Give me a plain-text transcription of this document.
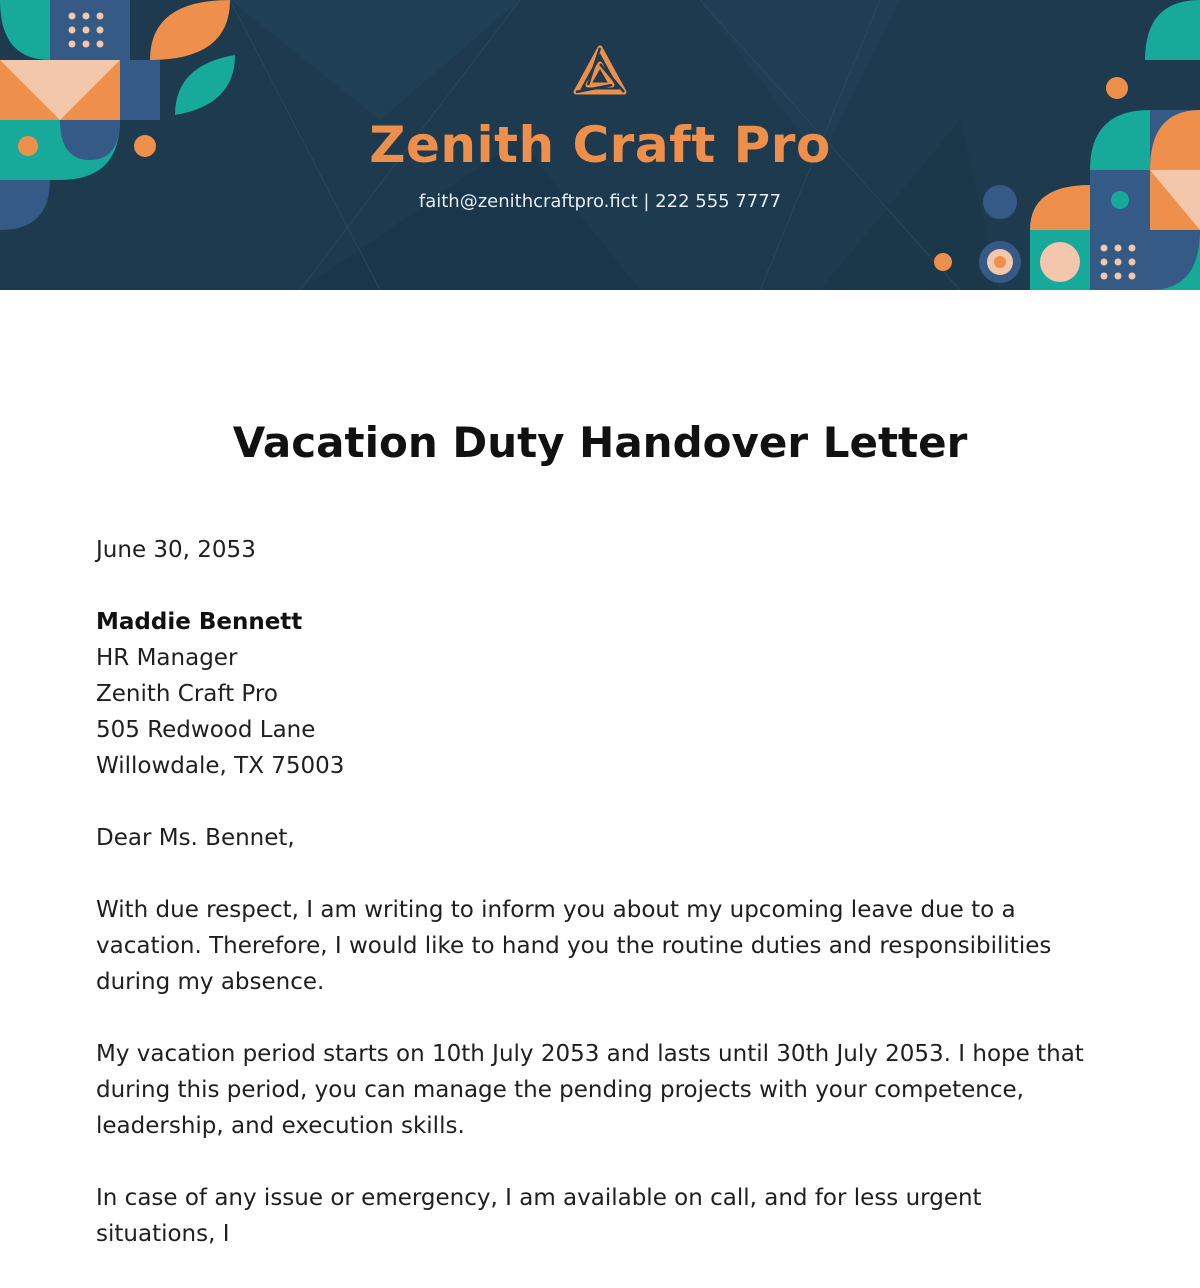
Zenith Craft Pro
faith@zenithcraftpro.fict | 222 555 7777
Vacation Duty Handover Letter

June 30, 2053

Maddie Bennett

HR Manager

Zenith Craft Pro

505 Redwood Lane

Willowdale, TX 75003

Dear Ms. Bennet,

With due respect, I am writing to inform you about my upcoming leave due to a vacation. Therefore, I would like to hand you the routine duties and responsibilities during my absence.

My vacation period starts on 10th July 2053 and lasts until 30th July 2053. I hope that during this period, you can manage the pending projects with your competence, leadership, and execution skills.

In case of any issue or emergency, I am available on call, and for less urgent situations, I
